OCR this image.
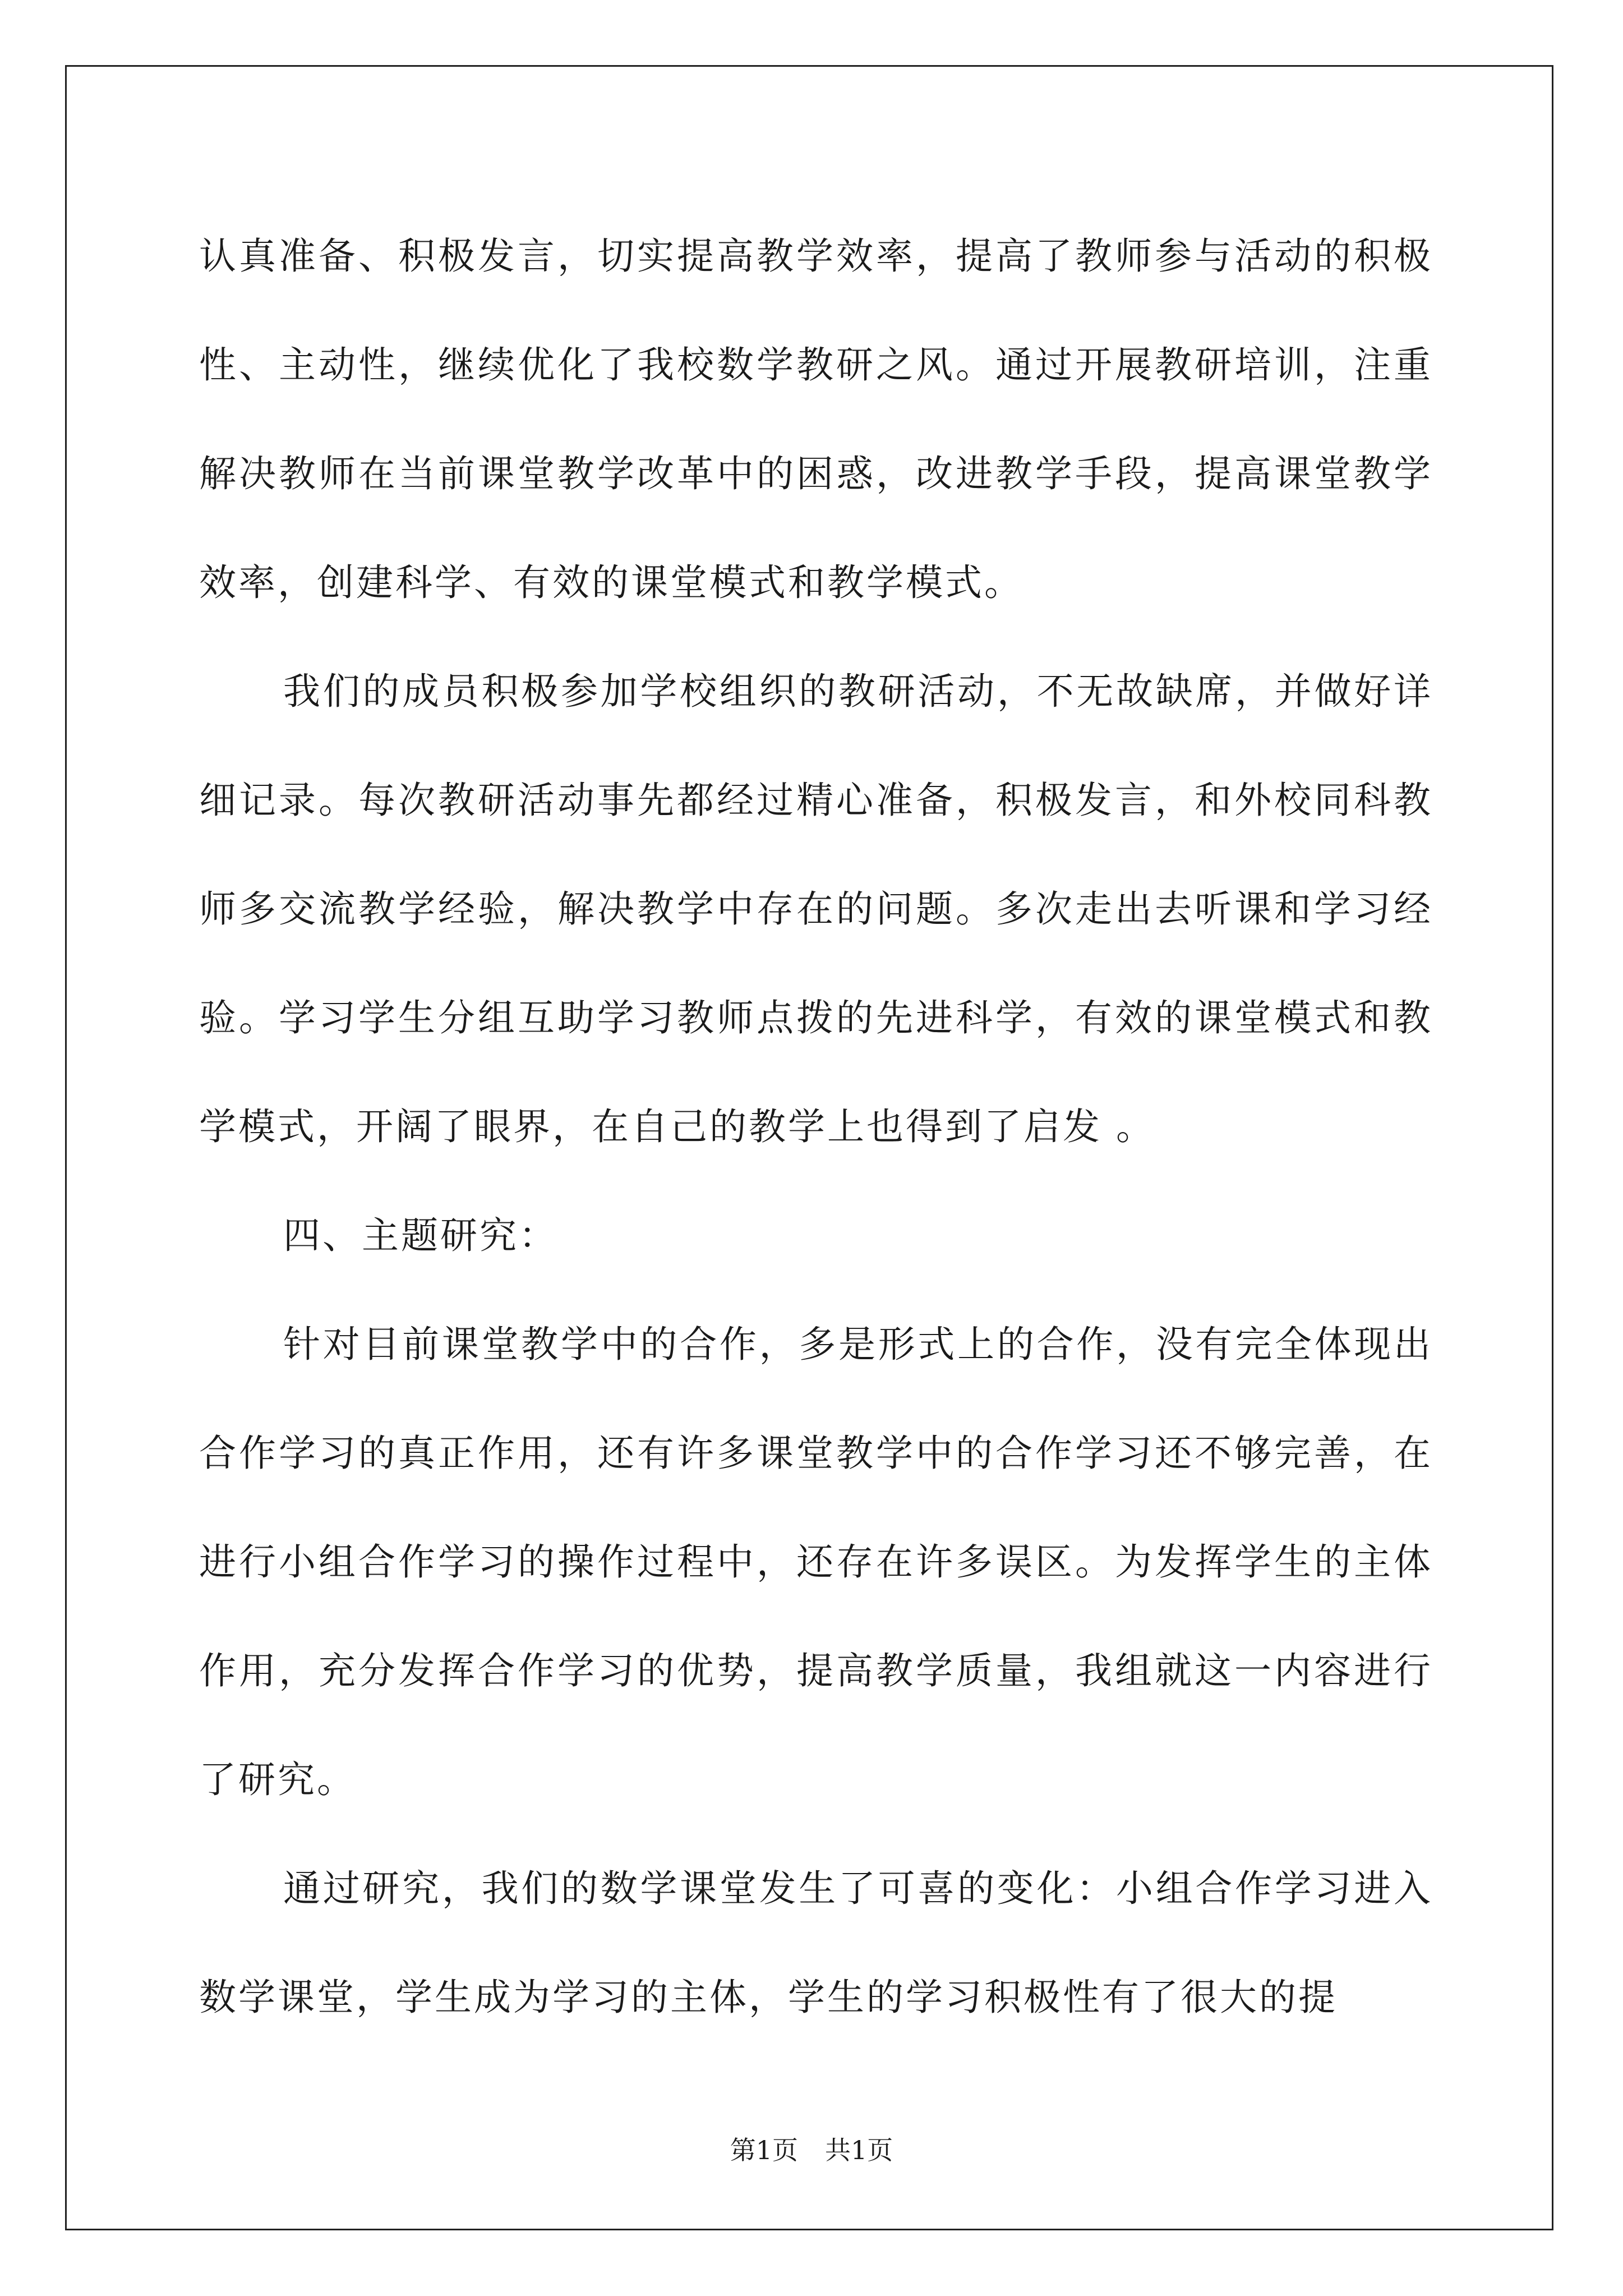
认真准备、积极发言，切实提高教学效率，提高了教师参与活动的积极性、主动性，继续优化了我校数学教研之风。通过开展教研培训，注重解决教师在当前课堂教学改革中的困惑，改进教学手段，提高课堂教学效率，创建科学、有效的课堂模式和教学模式。

我们的成员积极参加学校组织的教研活动，不无故缺席，并做好详细记录。每次教研活动事先都经过精心准备，积极发言，和外校同科教师多交流教学经验，解决教学中存在的问题。多次走出去听课和学习经验。学习学生分组互助学习教师点拨的先进科学，有效的课堂模式和教学模式，开阔了眼界，在自己的教学上也得到了启发 。

四、主题研究：

针对目前课堂教学中的合作，多是形式上的合作，没有完全体现出合作学习的真正作用，还有许多课堂教学中的合作学习还不够完善，在进行小组合作学习的操作过程中，还存在许多误区。为发挥学生的主体作用，充分发挥合作学习的优势，提高教学质量，我组就这一内容进行了研究。

通过研究，我们的数学课堂发生了可喜的变化：小组合作学习进入数学课堂，学生成为学习的主体，学生的学习积极性有了很大的提

第1页 共1页
